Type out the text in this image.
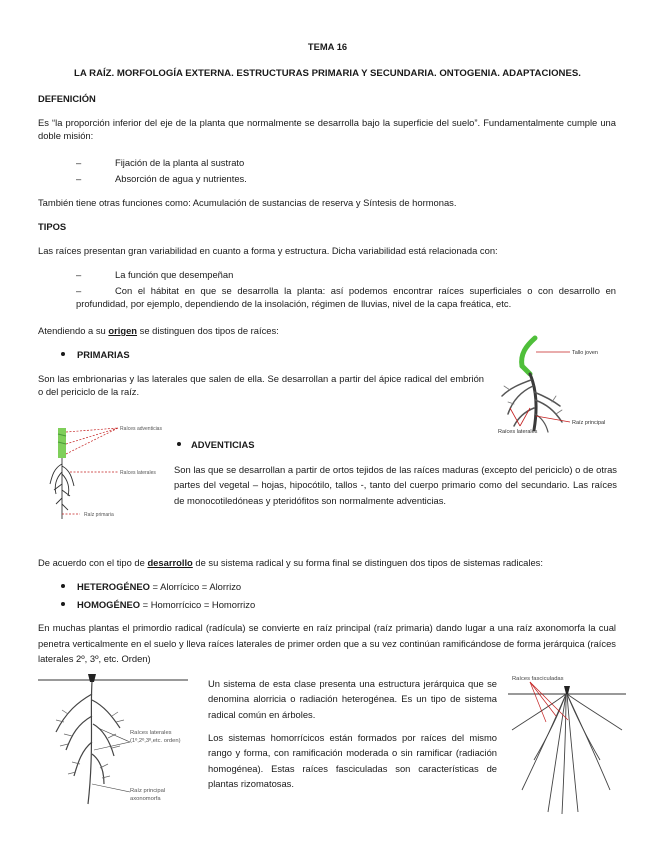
TEMA 16
LA RAÍZ. MORFOLOGÍA EXTERNA. ESTRUCTURAS PRIMARIA Y SECUNDARIA. ONTOGENIA. ADAPTACIONES.
DEFENICIÓN
Es “la proporción inferior del eje de la planta que normalmente se desarrolla bajo la superficie del suelo”. Fundamentalmente cumple una doble misión:
–	Fijación de la planta al sustrato
–	Absorción de agua y nutrientes.
También tiene otras funciones como: Acumulación de sustancias de reserva y Síntesis de hormonas.
TIPOS
Las raíces presentan gran variabilidad en cuanto a forma y estructura. Dicha variabilidad está relacionada con:
–	La función que desempeñan
–	Con el hábitat en que se desarrolla la planta: así podemos encontrar raíces superficiales o con desarrollo en profundidad, por ejemplo, dependiendo de la insolación, régimen de lluvias, nivel de la capa freática, etc.
Atendiendo a su origen se distinguen dos tipos de raíces:
PRIMARIAS
Son las embrionarias y las laterales que salen de ella. Se desarrollan a partir del ápice radical del embrión o del periciclo de la raíz.
Tallo joven
Raíz principal
Raíces laterales
Raíces adventicias
Raíces laterales
Raíz primaria
ADVENTICIAS
Son las que se desarrollan a partir de ortos tejidos de las raíces maduras (excepto del periciclo) o de otras partes del vegetal – hojas, hipocótilo, tallos -, tanto del cuerpo primario como del secundario. Las raíces de monocotiledóneas y pteridófitos son normalmente adventicias.
De acuerdo con el tipo de desarrollo de su sistema radical y su forma final se distinguen dos tipos de sistemas radicales:
HETEROGÉNEO = Alorrícico = Alorrizo
HOMOGÉNEO = Homorrícico = Homorrizo
En muchas plantas el primordio radical (radícula) se convierte en raíz principal (raíz primaria) dando lugar a una raíz axonomorfa la cual penetra verticalmente en el suelo y lleva raíces laterales de primer orden que a su vez continúan ramificándose de forma jerárquica (raíces laterales 2º, 3º, etc. Orden)
Raíces laterales
(1º,2º,3º,etc. orden)
Raíz principal
axonomorfa
Un sistema de esta clase presenta una estructura jerárquica que se denomina alorricia o radiación heterogénea. Es un tipo de sistema radical común en árboles.
Los sistemas homorrícicos están formados por raíces del mismo rango y forma, con ramificación moderada o sin ramificar (radiación homogénea). Estas raíces fasciculadas son características de plantas rizomatosas.
Raíces fasciculadas
